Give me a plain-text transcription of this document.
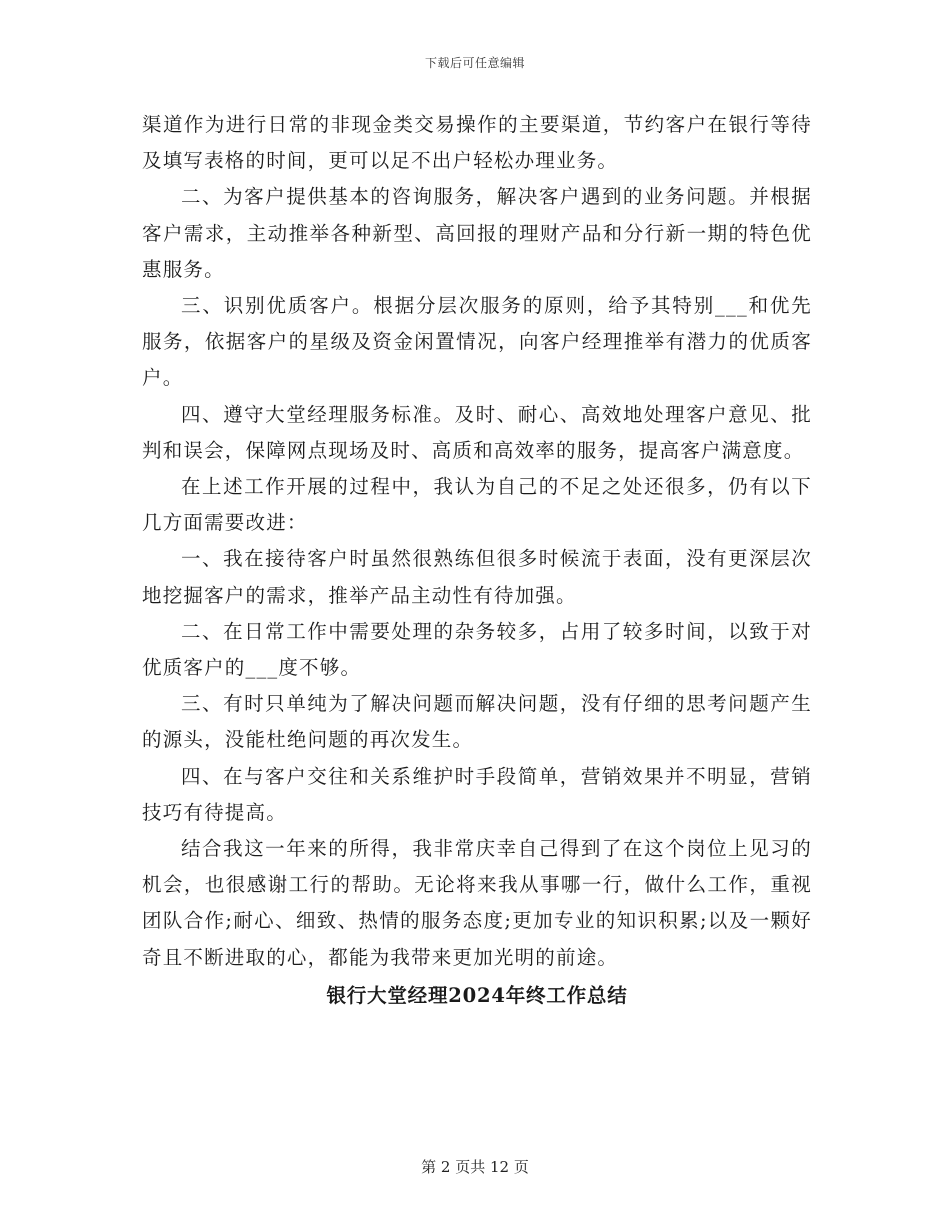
下载后可任意编辑

渠道作为进行日常的非现金类交易操作的主要渠道，节约客户在银行等待及填写表格的时间，更可以足不出户轻松办理业务。

二、为客户提供基本的咨询服务，解决客户遇到的业务问题。并根据客户需求，主动推举各种新型、高回报的理财产品和分行新一期的特色优惠服务。

三、识别优质客户。根据分层次服务的原则，给予其特别___和优先服务，依据客户的星级及资金闲置情况，向客户经理推举有潜力的优质客户。

四、遵守大堂经理服务标准。及时、耐心、高效地处理客户意见、批判和误会，保障网点现场及时、高质和高效率的服务，提高客户满意度。

在上述工作开展的过程中，我认为自己的不足之处还很多，仍有以下几方面需要改进：

一、我在接待客户时虽然很熟练但很多时候流于表面，没有更深层次地挖掘客户的需求，推举产品主动性有待加强。

二、在日常工作中需要处理的杂务较多，占用了较多时间，以致于对优质客户的___度不够。

三、有时只单纯为了解决问题而解决问题，没有仔细的思考问题产生的源头，没能杜绝问题的再次发生。

四、在与客户交往和关系维护时手段简单，营销效果并不明显，营销技巧有待提高。

结合我这一年来的所得，我非常庆幸自己得到了在这个岗位上见习的机会，也很感谢工行的帮助。无论将来我从事哪一行，做什么工作，重视团队合作;耐心、细致、热情的服务态度;更加专业的知识积累;以及一颗好奇且不断进取的心，都能为我带来更加光明的前途。

银行大堂经理2024年终工作总结
第 2 页共 12 页
